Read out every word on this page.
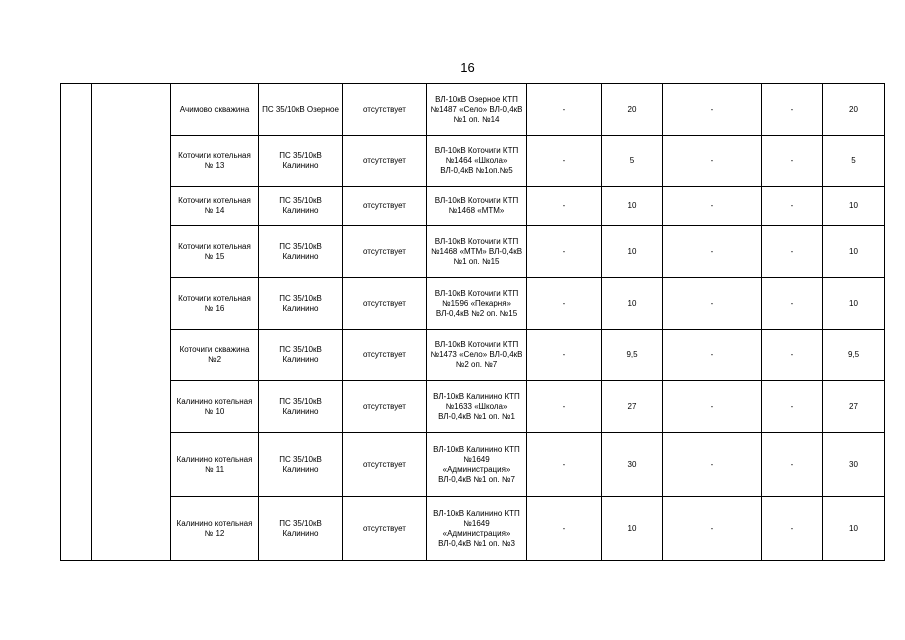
16
		Ачимово скважина	ПС 35/10кВ Озерное	отсутствует	ВЛ-10кВ Озерное КТП №1487 «Село» ВЛ-0,4кВ №1 оп. №14	-	20	-	-	20
		Коточиги котельная № 13	ПС 35/10кВ Калинино	отсутствует	ВЛ-10кВ Коточиги КТП №1464 «Школа» ВЛ-0,4кВ №1оп.№5	-	5	-	-	5
		Коточиги котельная № 14	ПС 35/10кВ Калинино	отсутствует	ВЛ-10кВ Коточиги КТП №1468 «МТМ»	-	10	-	-	10
		Коточиги котельная № 15	ПС 35/10кВ Калинино	отсутствует	ВЛ-10кВ Коточиги КТП №1468 «МТМ» ВЛ-0,4кВ №1 оп. №15	-	10	-	-	10
		Коточиги котельная № 16	ПС 35/10кВ Калинино	отсутствует	ВЛ-10кВ Коточиги КТП №1596 «Пекарня» ВЛ-0,4кВ №2 оп. №15	-	10	-	-	10
		Коточиги скважина №2	ПС 35/10кВ Калинино	отсутствует	ВЛ-10кВ Коточиги КТП №1473 «Село» ВЛ-0,4кВ №2 оп. №7	-	9,5	-	-	9,5
		Калинино котельная № 10	ПС 35/10кВ Калинино	отсутствует	ВЛ-10кВ Калинино КТП №1633 «Школа» ВЛ-0,4кВ №1 оп. №1	-	27	-	-	27
		Калинино котельная № 11	ПС 35/10кВ Калинино	отсутствует	ВЛ-10кВ Калинино КТП №1649 «Администрация» ВЛ-0,4кВ №1 оп. №7	-	30	-	-	30
		Калинино котельная № 12	ПС 35/10кВ Калинино	отсутствует	ВЛ-10кВ Калинино КТП №1649 «Администрация» ВЛ-0,4кВ №1 оп. №3	-	10	-	-	10
